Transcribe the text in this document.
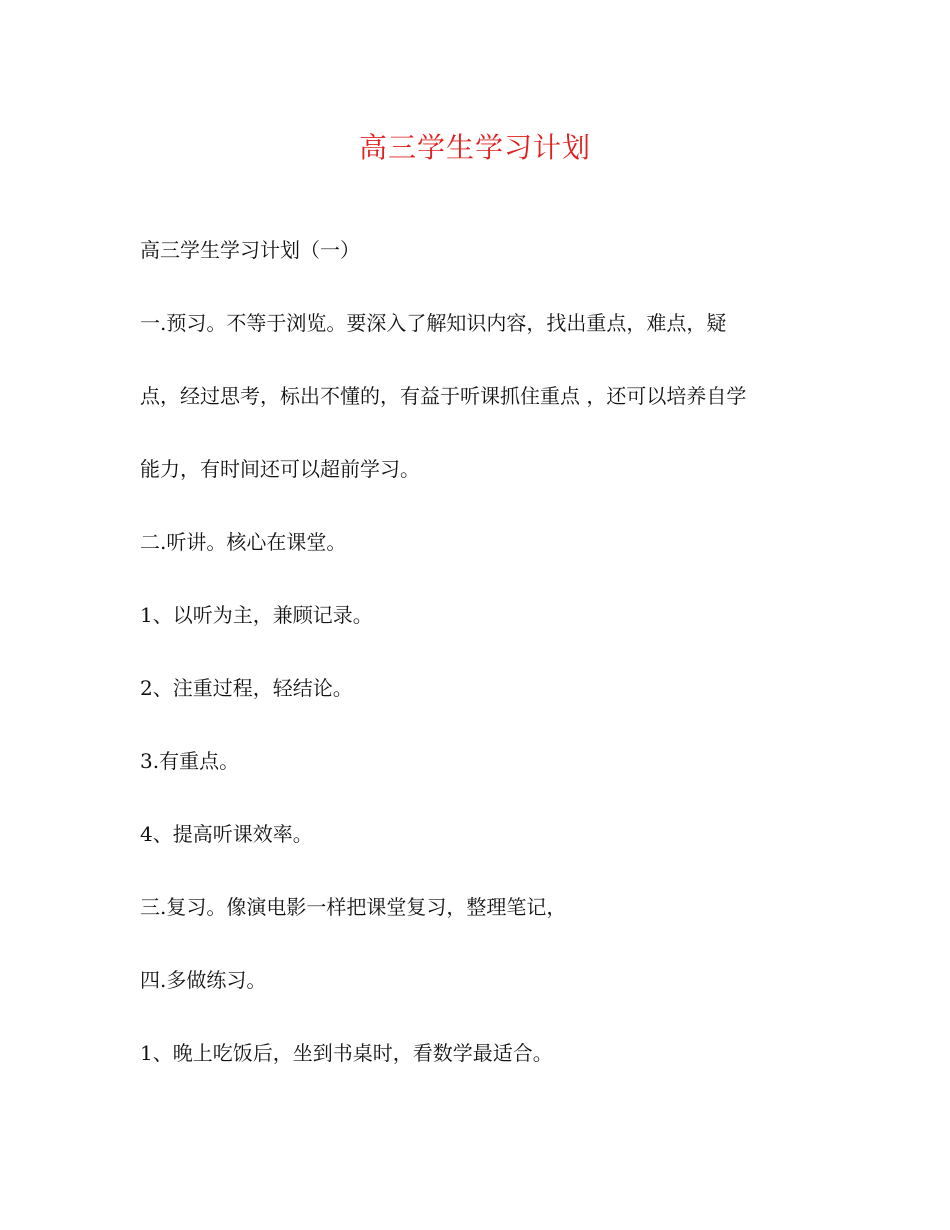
高三学生学习计划

高三学生学习计划（一）

一.预习。不等于浏览。要深入了解知识内容，找出重点，难点，疑

点，经过思考，标出不懂的，有益于听课抓住重点 ，还可以培养自学

能力，有时间还可以超前学习。

二.听讲。核心在课堂。

1、以听为主，兼顾记录。

2、注重过程，轻结论。

3.有重点。

4、提高听课效率。

三.复习。像演电影一样把课堂复习，整理笔记，

四.多做练习。

1、晚上吃饭后，坐到书桌时，看数学最适合。
